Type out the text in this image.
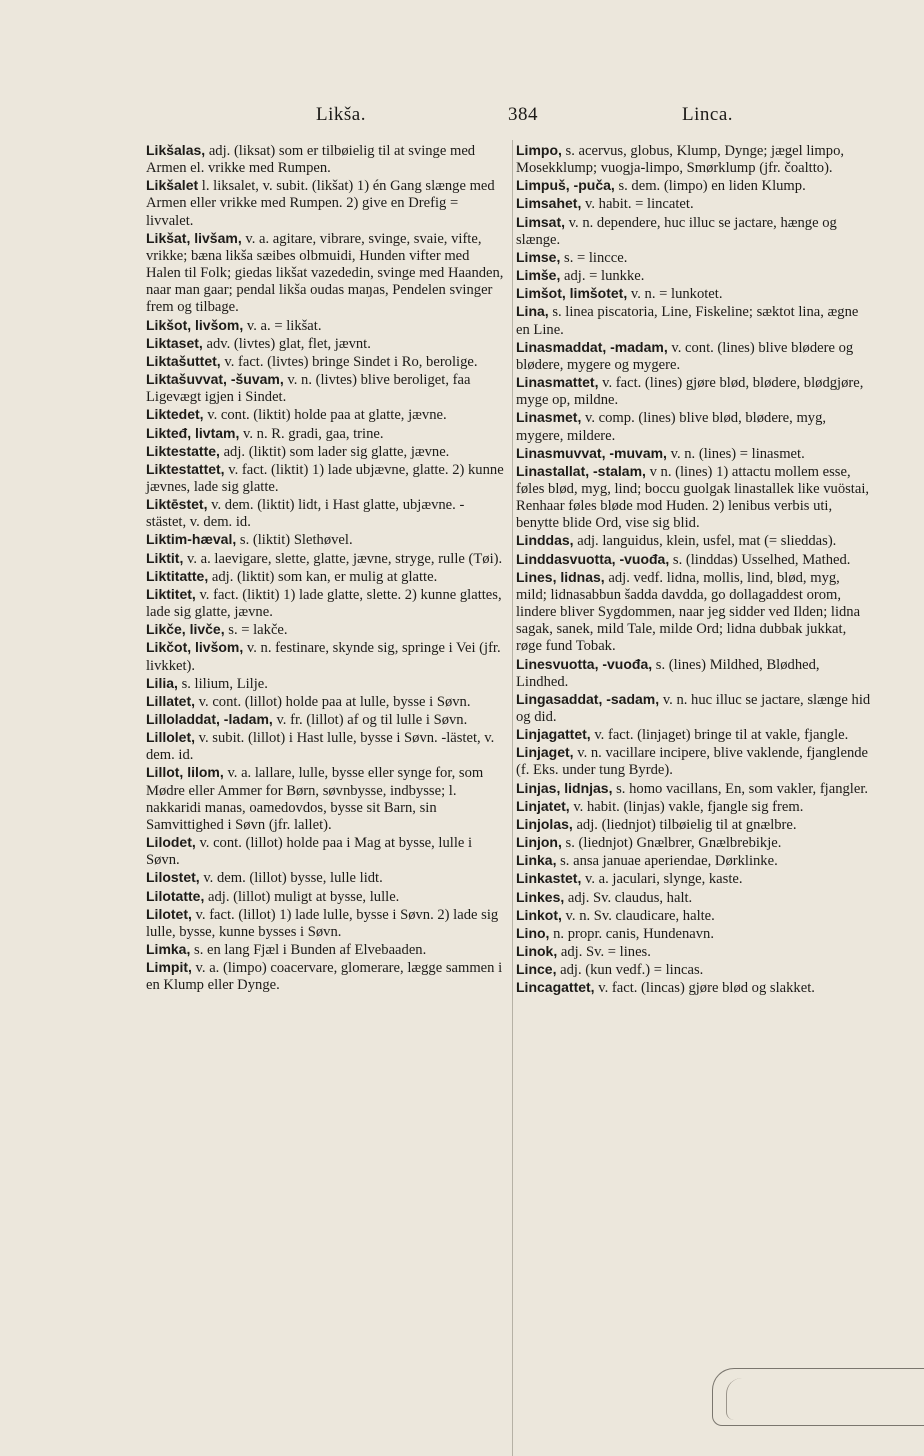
Likša.	384	Linca.
Likšalas, adj. (liksat) som er tilbøielig til at svinge med Armen el. vrikke med Rumpen.
Likšalet l. liksalet, v. subit. (likšat) 1) én Gang slænge med Armen eller vrikke med Rumpen. 2) give en Drefig = livvalet.
Likšat, livšam, v. a. agitare, vibrare, svinge, svaie, vifte, vrikke; bæna likša sæibes olbmuidi, Hunden vifter med Halen til Folk; giedas likšat vazededin, svinge med Haanden, naar man gaar; pendal likša oudas maŋas, Pendelen svinger frem og tilbage.
Likšot, livšom, v. a. = likšat.
Liktaset, adv. (livtes) glat, flet, jævnt.
Liktašuttet, v. fact. (livtes) bringe Sindet i Ro, berolige.
Liktašuvvat, -šuvam, v. n. (livtes) blive beroliget, faa Ligevægt igjen i Sindet.
Liktedet, v. cont. (liktit) holde paa at glatte, jævne.
Likteđ, livtam, v. n. R. gradi, gaa, trine.
Liktestatte, adj. (liktit) som lader sig glatte, jævne.
Liktestattet, v. fact. (liktit) 1) lade ubjævne, glatte. 2) kunne jævnes, lade sig glatte.
Liktēstet, v. dem. (liktit) lidt, i Hast glatte, ubjævne. -stästet, v. dem. id.
Liktim-hæval, s. (liktit) Slethøvel.
Liktit, v. a. laevigare, slette, glatte, jævne, stryge, rulle (Tøi).
Liktitatte, adj. (liktit) som kan, er mulig at glatte.
Liktitet, v. fact. (liktit) 1) lade glatte, slette. 2) kunne glattes, lade sig glatte, jævne.
Likče, livče, s. = lakče.
Likčot, livšom, v. n. festinare, skynde sig, springe i Vei (jfr. livkket).
Lilia, s. lilium, Lilje.
Lillatet, v. cont. (lillot) holde paa at lulle, bysse i Søvn.
Lilloladdat, -ladam, v. fr. (lillot) af og til lulle i Søvn.
Lillolet, v. subit. (lillot) i Hast lulle, bysse i Søvn. -lästet, v. dem. id.
Lillot, lilom, v. a. lallare, lulle, bysse eller synge for, som Mødre eller Ammer for Børn, søvnbysse, indbysse; l. nakkaridi manas, oamedovdos, bysse sit Barn, sin Samvittighed i Søvn (jfr. lallet).
Lilodet, v. cont. (lillot) holde paa i Mag at bysse, lulle i Søvn.
Lilostet, v. dem. (lillot) bysse, lulle lidt.
Lilotatte, adj. (lillot) muligt at bysse, lulle.
Lilotet, v. fact. (lillot) 1) lade lulle, bysse i Søvn. 2) lade sig lulle, bysse, kunne bysses i Søvn.
Limka, s. en lang Fjæl i Bunden af Elvebaaden.
Limpit, v. a. (limpo) coacervare, glomerare, lægge sammen i en Klump eller Dynge.
Limpo, s. acervus, globus, Klump, Dynge; jægel limpo, Mosekklump; vuogja-limpo, Smørklump (jfr. čoaltto).
Limpuš, -puča, s. dem. (limpo) en liden Klump.
Limsahet, v. habit. = lincatet.
Limsat, v. n. dependere, huc illuc se jactare, hænge og slænge.
Limse, s. = lincce.
Limše, adj. = lunkke.
Limšot, limšotet, v. n. = lunkotet.
Lina, s. linea piscatoria, Line, Fiskeline; sæktot lina, ægne en Line.
Linasmaddat, -madam, v. cont. (lines) blive blødere og blødere, mygere og mygere.
Linasmattet, v. fact. (lines) gjøre blød, blødere, blødgjøre, myge op, mildne.
Linasmet, v. comp. (lines) blive blød, blødere, myg, mygere, mildere.
Linasmuvvat, -muvam, v. n. (lines) = linasmet.
Linastallat, -stalam, v n. (lines) 1) attactu mollem esse, føles blød, myg, lind; boccu guolgak linastallek like vuöstai, Renhaar føles bløde mod Huden. 2) lenibus verbis uti, benytte blide Ord, vise sig blid.
Linddas, adj. languidus, klein, usfel, mat (= slieddas).
Linddasvuotta, -vuođa, s. (linddas) Usselhed, Mathed.
Lines, lidnas, adj. vedf. lidna, mollis, lind, blød, myg, mild; lidnasabbun šadda davdda, go dollagaddest orom, lindere bliver Sygdommen, naar jeg sidder ved Ilden; lidna sagak, sanek, mild Tale, milde Ord; lidna dubbak jukkat, røge fund Tobak.
Linesvuotta, -vuođa, s. (lines) Mildhed, Blødhed, Lindhed.
Lingasaddat, -sadam, v. n. huc illuc se jactare, slænge hid og did.
Linjagattet, v. fact. (linjaget) bringe til at vakle, fjangle.
Linjaget, v. n. vacillare incipere, blive vaklende, fjanglende (f. Eks. under tung Byrde).
Linjas, lidnjas, s. homo vacillans, En, som vakler, fjangler.
Linjatet, v. habit. (linjas) vakle, fjangle sig frem.
Linjolas, adj. (liednjot) tilbøielig til at gnælbre.
Linjon, s. (liednjot) Gnælbrer, Gnælbrebikje.
Linka, s. ansa januae aperiendae, Dørklinke.
Linkastet, v. a. jaculari, slynge, kaste.
Linkes, adj. Sv. claudus, halt.
Linkot, v. n. Sv. claudicare, halte.
Lino, n. propr. canis, Hundenavn.
Linok, adj. Sv. = lines.
Lince, adj. (kun vedf.) = lincas.
Lincagattet, v. fact. (lincas) gjøre blød og slakket.
